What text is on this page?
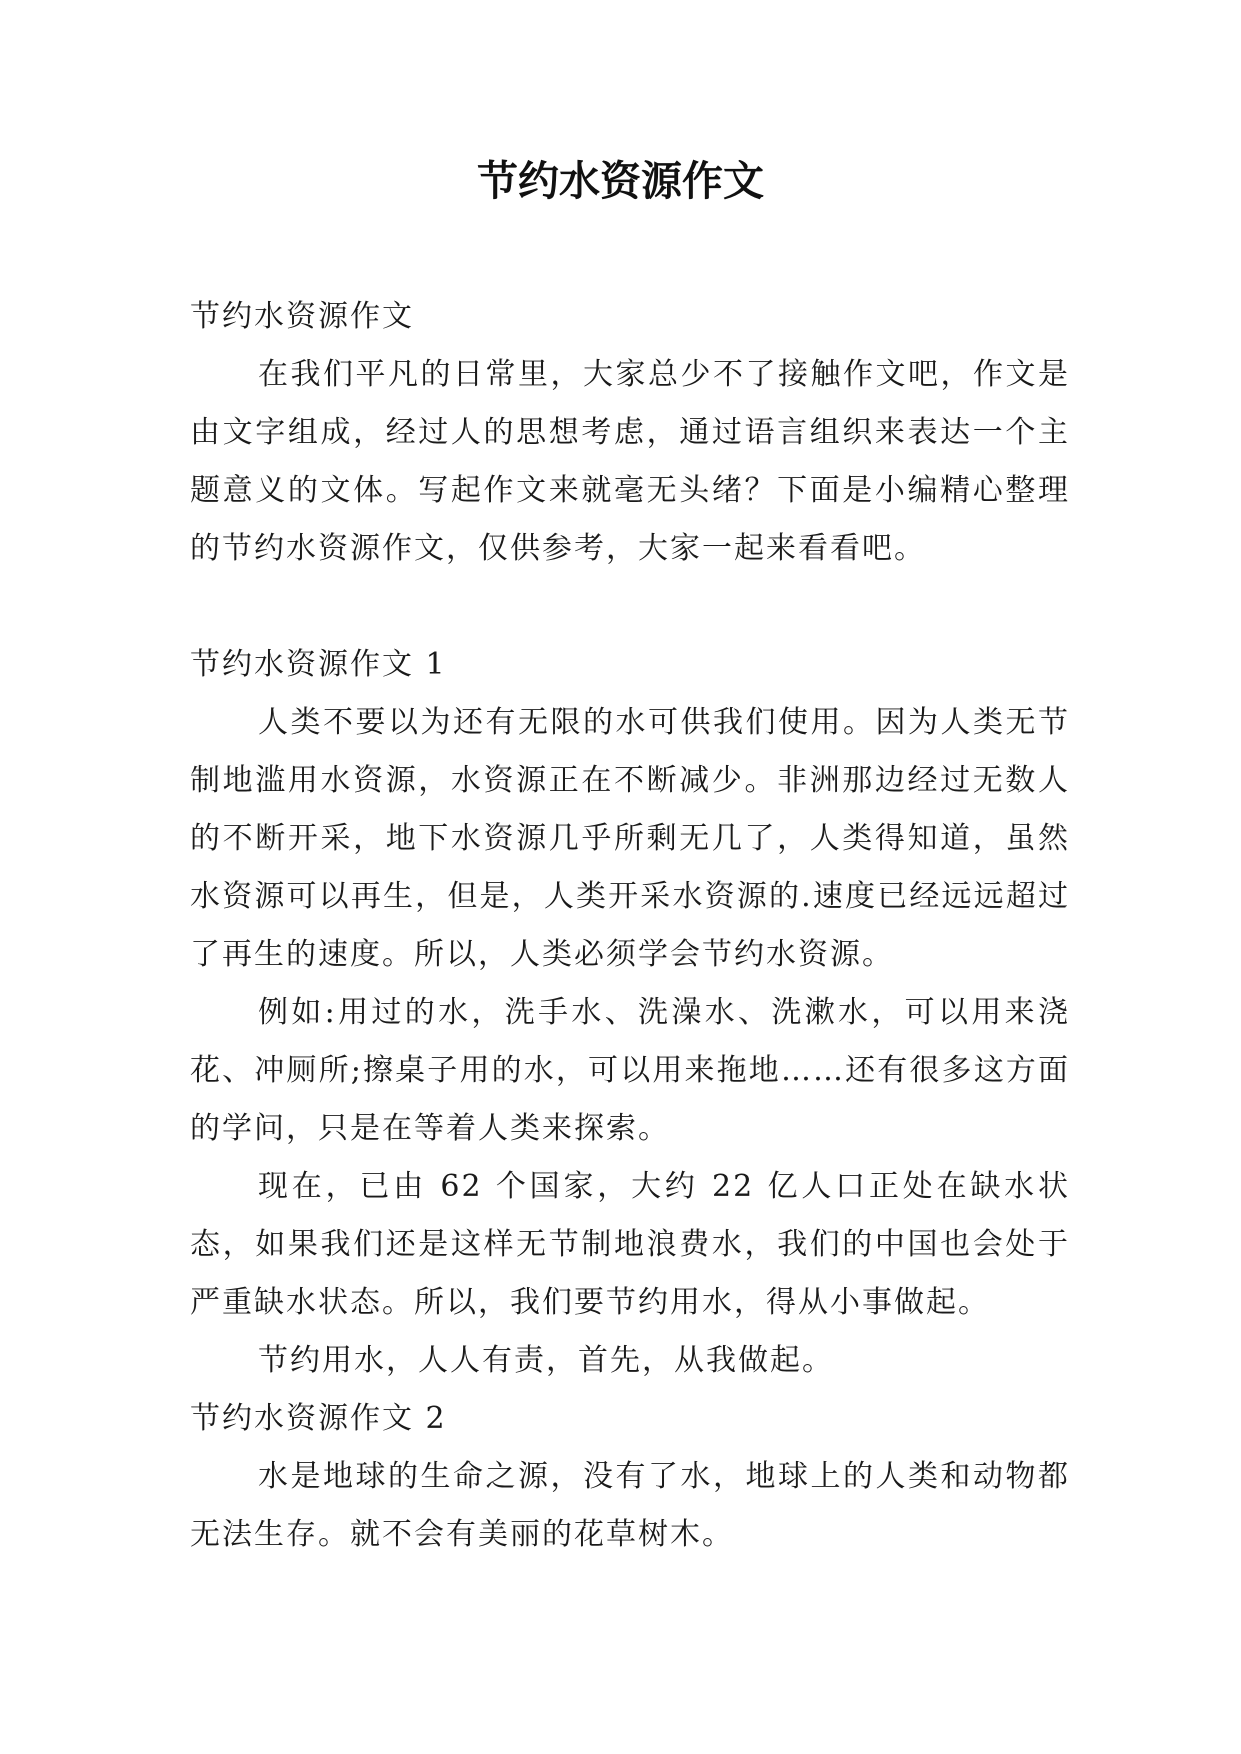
节约水资源作文

节约水资源作文

在我们平凡的日常里，大家总少不了接触作文吧，作文是由文字组成，经过人的思想考虑，通过语言组织来表达一个主题意义的文体。写起作文来就毫无头绪？下面是小编精心整理的节约水资源作文，仅供参考，大家一起来看看吧。

节约水资源作文 1

人类不要以为还有无限的水可供我们使用。因为人类无节制地滥用水资源，水资源正在不断减少。非洲那边经过无数人的不断开采，地下水资源几乎所剩无几了，人类得知道，虽然水资源可以再生，但是，人类开采水资源的.速度已经远远超过了再生的速度。所以，人类必须学会节约水资源。

例如:用过的水，洗手水、洗澡水、洗漱水，可以用来浇花、冲厕所;擦桌子用的水，可以用来拖地……还有很多这方面的学问，只是在等着人类来探索。

现在，已由 62 个国家，大约 22 亿人口正处在缺水状态，如果我们还是这样无节制地浪费水，我们的中国也会处于严重缺水状态。所以，我们要节约用水，得从小事做起。

节约用水，人人有责，首先，从我做起。

节约水资源作文 2

水是地球的生命之源，没有了水，地球上的人类和动物都无法生存。就不会有美丽的花草树木。
